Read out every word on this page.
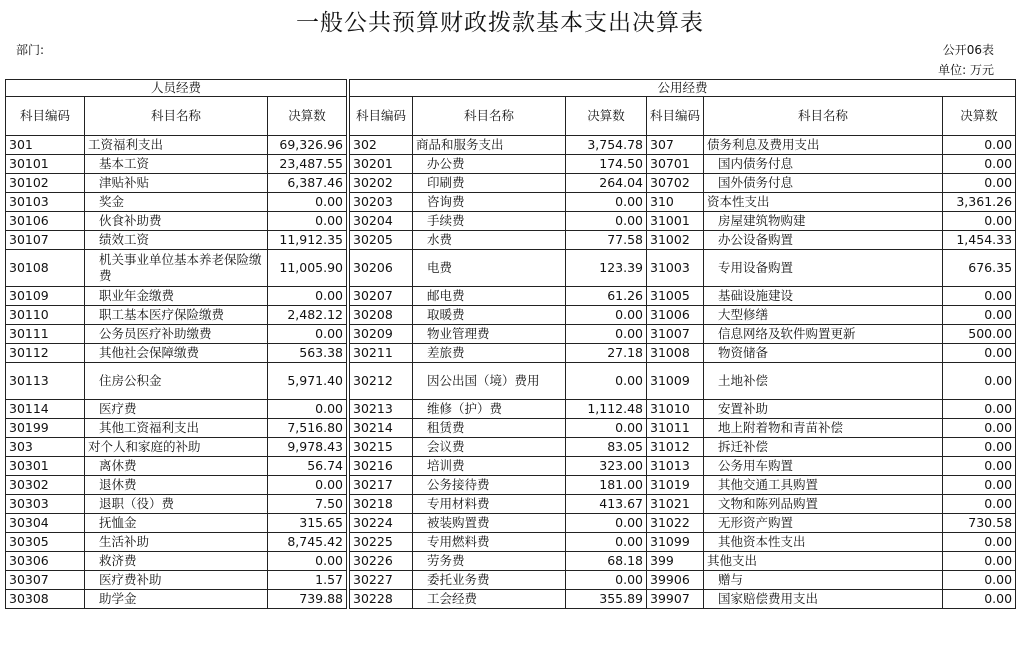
一般公共预算财政拨款基本支出决算表
部门:	公开06表
单位: 万元
人员经费				公用经费					
科目编码	科目名称	决算数		科目编码	科目名称	决算数	科目编码	科目名称	决算数
301	工资福利支出	69,326.96		302	商品和服务支出	3,754.78	307	债务利息及费用支出	0.00
30101	基本工资	23,487.55		30201	办公费	174.50	30701	国内债务付息	0.00
30102	津贴补贴	6,387.46		30202	印刷费	264.04	30702	国外债务付息	0.00
30103	奖金	0.00		30203	咨询费	0.00	310	资本性支出	3,361.26
30106	伙食补助费	0.00		30204	手续费	0.00	31001	房屋建筑物购建	0.00
30107	绩效工资	11,912.35		30205	水费	77.58	31002	办公设备购置	1,454.33
30108	机关事业单位基本养老保险缴费	11,005.90		30206	电费	123.39	31003	专用设备购置	676.35
30109	职业年金缴费	0.00		30207	邮电费	61.26	31005	基础设施建设	0.00
30110	职工基本医疗保险缴费	2,482.12		30208	取暖费	0.00	31006	大型修缮	0.00
30111	公务员医疗补助缴费	0.00		30209	物业管理费	0.00	31007	信息网络及软件购置更新	500.00
30112	其他社会保障缴费	563.38		30211	差旅费	27.18	31008	物资储备	0.00
30113	住房公积金	5,971.40		30212	因公出国（境）费用	0.00	31009	土地补偿	0.00
30114	医疗费	0.00		30213	维修（护）费	1,112.48	31010	安置补助	0.00
30199	其他工资福利支出	7,516.80		30214	租赁费	0.00	31011	地上附着物和青苗补偿	0.00
303	对个人和家庭的补助	9,978.43		30215	会议费	83.05	31012	拆迁补偿	0.00
30301	离休费	56.74		30216	培训费	323.00	31013	公务用车购置	0.00
30302	退休费	0.00		30217	公务接待费	181.00	31019	其他交通工具购置	0.00
30303	退职（役）费	7.50		30218	专用材料费	413.67	31021	文物和陈列品购置	0.00
30304	抚恤金	315.65		30224	被装购置费	0.00	31022	无形资产购置	730.58
30305	生活补助	8,745.42		30225	专用燃料费	0.00	31099	其他资本性支出	0.00
30306	救济费	0.00		30226	劳务费	68.18	399	其他支出	0.00
30307	医疗费补助	1.57		30227	委托业务费	0.00	39906	赠与	0.00
30308	助学金	739.88		30228	工会经费	355.89	39907	国家赔偿费用支出	0.00
